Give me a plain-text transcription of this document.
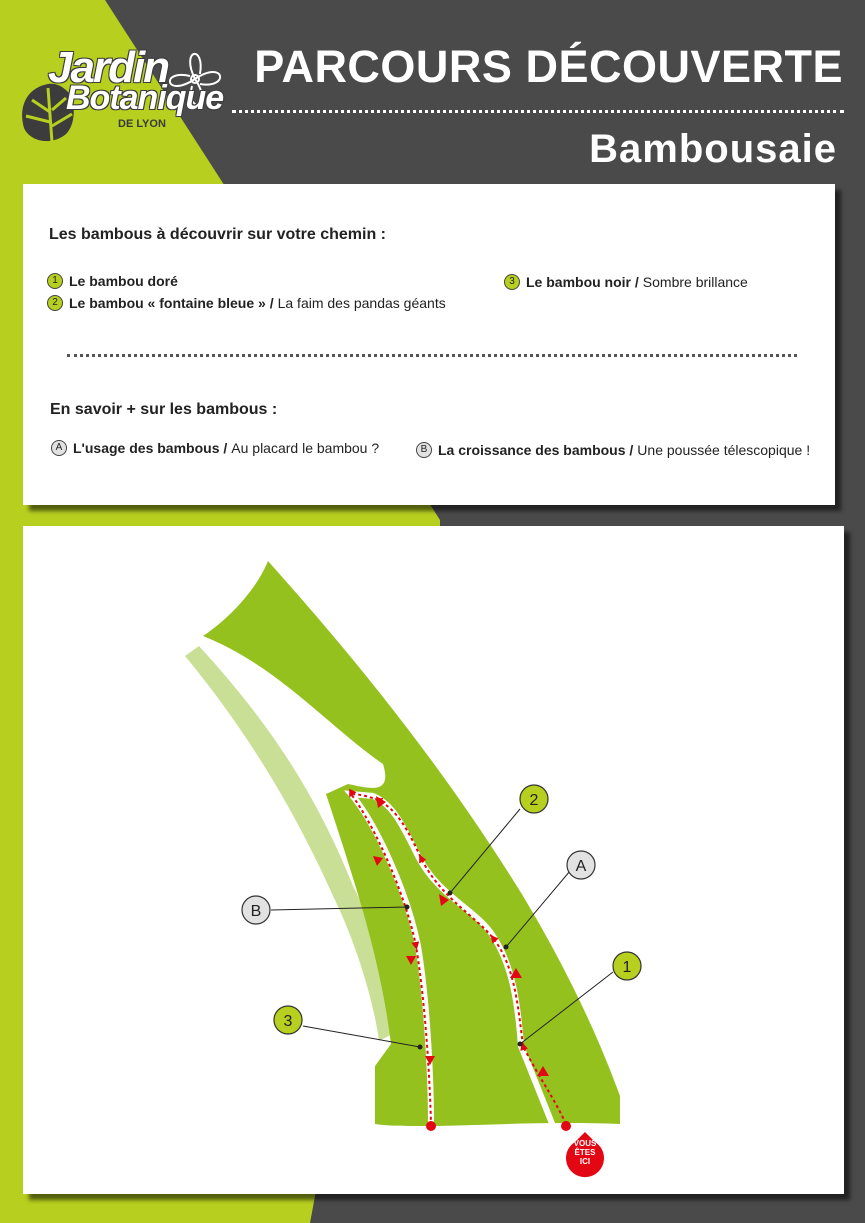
Jardin
Botanique
DE LYON
PARCOURS DÉCOUVERTE
Bambousaie
Les bambous à découvrir sur votre chemin :
1 Le bambou doré
2 Le bambou « fontaine bleue » / La faim des pandas géants
3 Le bambou noir / Sombre brillance
En savoir + sur les bambous :
A L'usage des bambous / Au placard le bambou ?	B La croissance des bambous / Une poussée télescopique !
1
2
3
A
B
VOUS
ÊTES
ICI
